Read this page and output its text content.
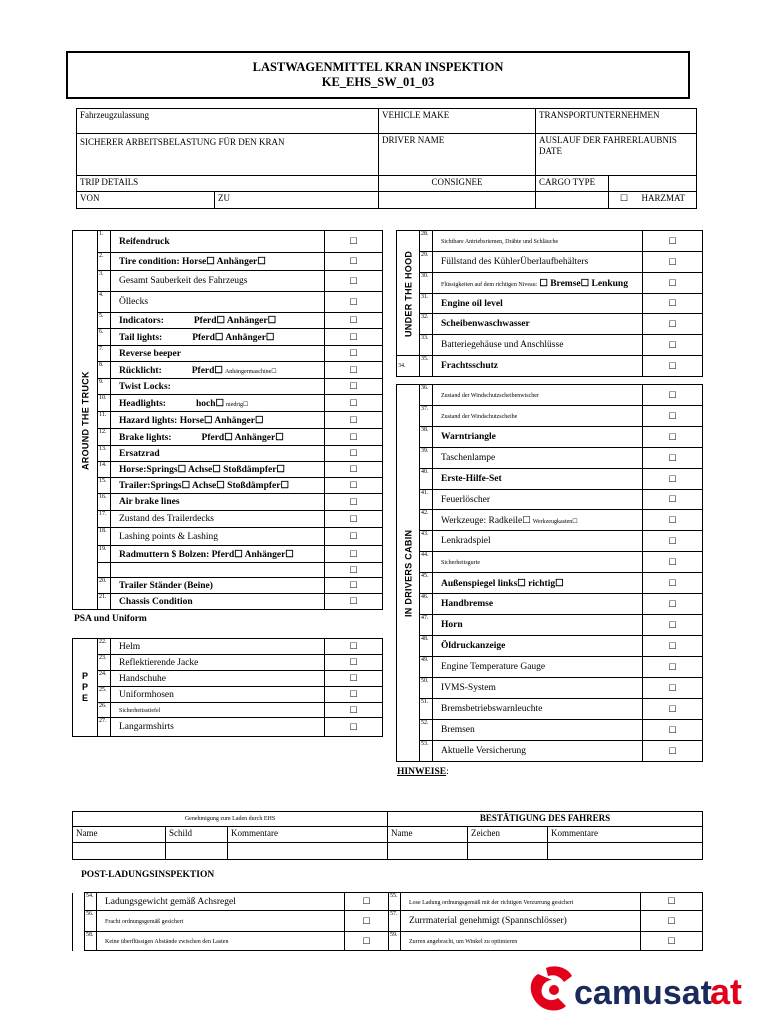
LASTWAGENMITTEL KRAN INSPEKTION
KE_EHS_SW_01_03
Fahrzeugzulassung		VEHICLE MAKE	TRANSPORTUNTERNEHMEN	
SICHERER ARBEITSBELASTUNG FÜR DEN KRAN		DRIVER NAME	AUSLAUF DER FAHRERLAUBNIS
DATE	

TRIP DETAILS		CONSIGNEE	CARGO TYPE	
VON	ZU			☐ HARZMAT
AROUND THE TRUCK	1.	Reifendruck	☐
	2.	Tire condition: Horse☐ Anhänger☐	☐
	3.	Gesamt Sauberkeit des Fahrzeugs	☐
	4.	Öllecks	☐
	5.	Indicators: Pferd☐ Anhänger☐	☐
	6.	Tail lights: Pferd☐ Anhänger☐	☐
	7.	Reverse beeper	☐
	8.	Rücklicht: Pferd☐ Anhängermaschine☐	☐
	9.	Twist Locks:	☐
	10.	Headlights: hoch☐ niedrig☐	☐
	11.	Hazard lights: Horse☐ Anhänger☐	☐
	12.	Brake lights: Pferd☐ Anhänger☐	☐
	13.	Ersatzrad	☐
	14.	Horse:Springs☐ Achse☐ Stoßdämpfer☐	☐
	15.	Trailer:Springs☐ Achse☐ Stoßdämpfer☐	☐
	16.	Air brake lines	☐
	17.	Zustand des Trailerdecks	☐
	18.	Lashing points & Lashing	☐
	19.	Radmuttern $ Bolzen: Pferd☐ Anhänger☐	☐
			☐
	20.	Trailer Ständer (Beine)	☐
	21.	Chassis Condition	☐
PSA und Uniform
P
P
E	22.	Helm	☐
	23.	Reflektierende Jacke	☐
	24.	Handschuhe	☐
	25.	Uniformhosen	☐
	26.	Sicherheitsstiefel	☐
	27.	Langarmshirts	☐
UNDER THE HOOD	28.	Sichtbare Antriebsriemen, Drähte und Schläuche	☐
	29.	Füllstand des KühlerÜberlaufbehälters	☐
	30.	Flüssigkeiten auf dem richtigen Niveau: ☐ Bremse☐ Lenkung	☐
	31.	Engine oil level	☐
	32.	Scheibenwaschwasser	☐
	33.	Batteriegehäuse und Anschlüsse	☐
34.	35.	Frachtsschutz	☐
IN DRIVERS CABIN	36.	Zustand der Windschutzscheibenwischer	☐
	37.	Zustand der Windschutzscheibe	☐
	38.	Warntriangle	☐
	39.	Taschenlampe	☐
	40.	Erste-Hilfe-Set	☐
	41.	Feuerlöscher	☐
	42.	Werkzeuge: Radkeile☐ Werkzeugkasten☐	☐
	43.	Lenkradspiel	☐
	44.	Sicherheitsgurte	☐
	45.	Außenspiegel links☐ richtig☐	☐
	46.	Handbremse	☐
	47.	Horn	☐
	48.	Öldruckanzeige	☐
	49.	Engine Temperature Gauge	☐
	50.	IVMS-System	☐
	51.	Bremsbetriebswarnleuchte	☐
	52.	Bremsen	☐
	53.	Aktuelle Versicherung	☐
HINWEISE:
Genehmigung zum Laden durch EHS			BESTÄTIGUNG DES FAHRERS		
Name	Schild	Kommentare	Name	Zeichen	Kommentare

POST-LADUNGSINSPEKTION
	54.	Ladungsgewicht gemäß Achsregel	☐	55.	Lose Ladung ordnungsgemäß mit der richtigen Verzurrung gesichert	☐
	56.	Fracht ordnungsgemäß gesichert	☐	57.	Zurrmaterial genehmigt (Spannschlösser)	☐
	58.	Keine überflüssigen Abstände zwischen den Lasten	☐	59.	Zurren angebracht, um Winkel zu optimieren	☐
camusat
at
